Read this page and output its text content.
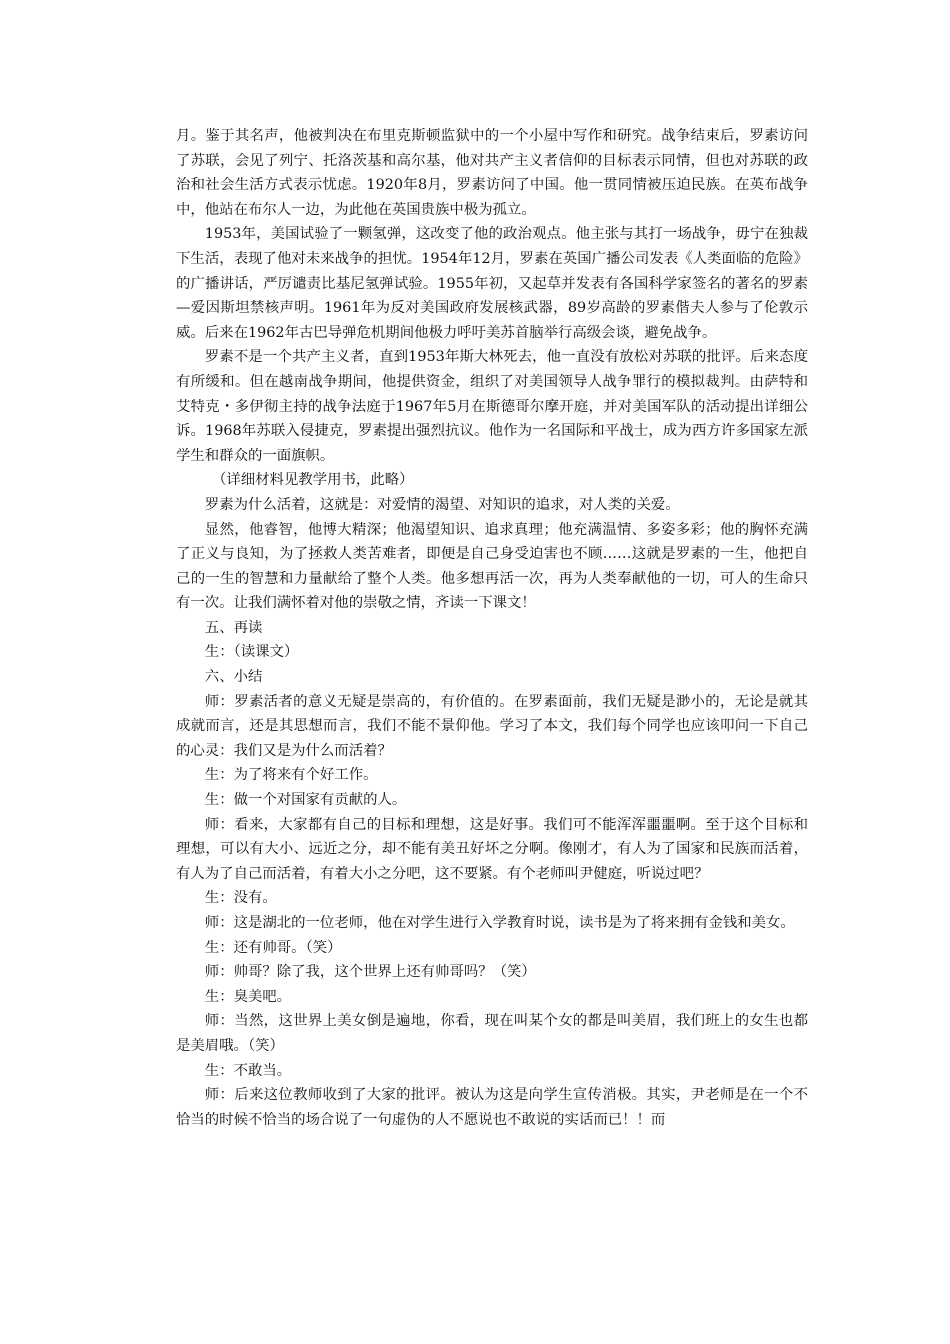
月。鉴于其名声，他被判决在布里克斯顿监狱中的一个小屋中写作和研究。战争结束后，罗素访问了苏联，会见了列宁、托洛茨基和高尔基，他对共产主义者信仰的目标表示同情，但也对苏联的政治和社会生活方式表示忧虑。1920年8月，罗素访问了中国。他一贯同情被压迫民族。在英布战争中，他站在布尔人一边，为此他在英国贵族中极为孤立。

1953年，美国试验了一颗氢弹，这改变了他的政治观点。他主张与其打一场战争，毋宁在独裁下生活，表现了他对未来战争的担忧。1954年12月，罗素在英国广播公司发表《人类面临的危险》的广播讲话，严厉谴责比基尼氢弹试验。1955年初，又起草并发表有各国科学家签名的著名的罗素—爱因斯坦禁核声明。1961年为反对美国政府发展核武器，89岁高龄的罗素偕夫人参与了伦敦示威。后来在1962年古巴导弹危机期间他极力呼吁美苏首脑举行高级会谈，避免战争。

罗素不是一个共产主义者，直到1953年斯大林死去，他一直没有放松对苏联的批评。后来态度有所缓和。但在越南战争期间，他提供资金，组织了对美国领导人战争罪行的模拟裁判。由萨特和艾特克・多伊彻主持的战争法庭于1967年5月在斯德哥尔摩开庭，并对美国军队的活动提出详细公诉。1968年苏联入侵捷克，罗素提出强烈抗议。他作为一名国际和平战士，成为西方许多国家左派学生和群众的一面旗帜。

（详细材料见教学用书，此略）

罗素为什么活着，这就是：对爱情的渴望、对知识的追求，对人类的关爱。

显然，他睿智，他博大精深；他渴望知识、追求真理；他充满温情、多姿多彩；他的胸怀充满了正义与良知，为了拯救人类苦难者，即便是自己身受迫害也不顾……这就是罗素的一生，他把自己的一生的智慧和力量献给了整个人类。他多想再活一次，再为人类奉献他的一切，可人的生命只有一次。让我们满怀着对他的崇敬之情，齐读一下课文！

五、再读

生：（读课文）

六、小结

师：罗素活者的意义无疑是崇高的，有价值的。在罗素面前，我们无疑是渺小的，无论是就其成就而言，还是其思想而言，我们不能不景仰他。学习了本文，我们每个同学也应该叩问一下自己的心灵：我们又是为什么而活着？

生：为了将来有个好工作。

生：做一个对国家有贡献的人。

师：看来，大家都有自己的目标和理想，这是好事。我们可不能浑浑噩噩啊。至于这个目标和理想，可以有大小、远近之分，却不能有美丑好坏之分啊。像刚才，有人为了国家和民族而活着，有人为了自己而活着，有着大小之分吧，这不要紧。有个老师叫尹健庭，听说过吧？

生：没有。

师：这是湖北的一位老师，他在对学生进行入学教育时说，读书是为了将来拥有金钱和美女。

生：还有帅哥。（笑）

师：帅哥？除了我，这个世界上还有帅哥吗？（笑）

生：臭美吧。

师：当然，这世界上美女倒是遍地，你看，现在叫某个女的都是叫美眉，我们班上的女生也都是美眉哦。（笑）

生：不敢当。

师：后来这位教师收到了大家的批评。被认为这是向学生宣传消极。其实，尹老师是在一个不恰当的时候不恰当的场合说了一句虚伪的人不愿说也不敢说的实话而已！！而
